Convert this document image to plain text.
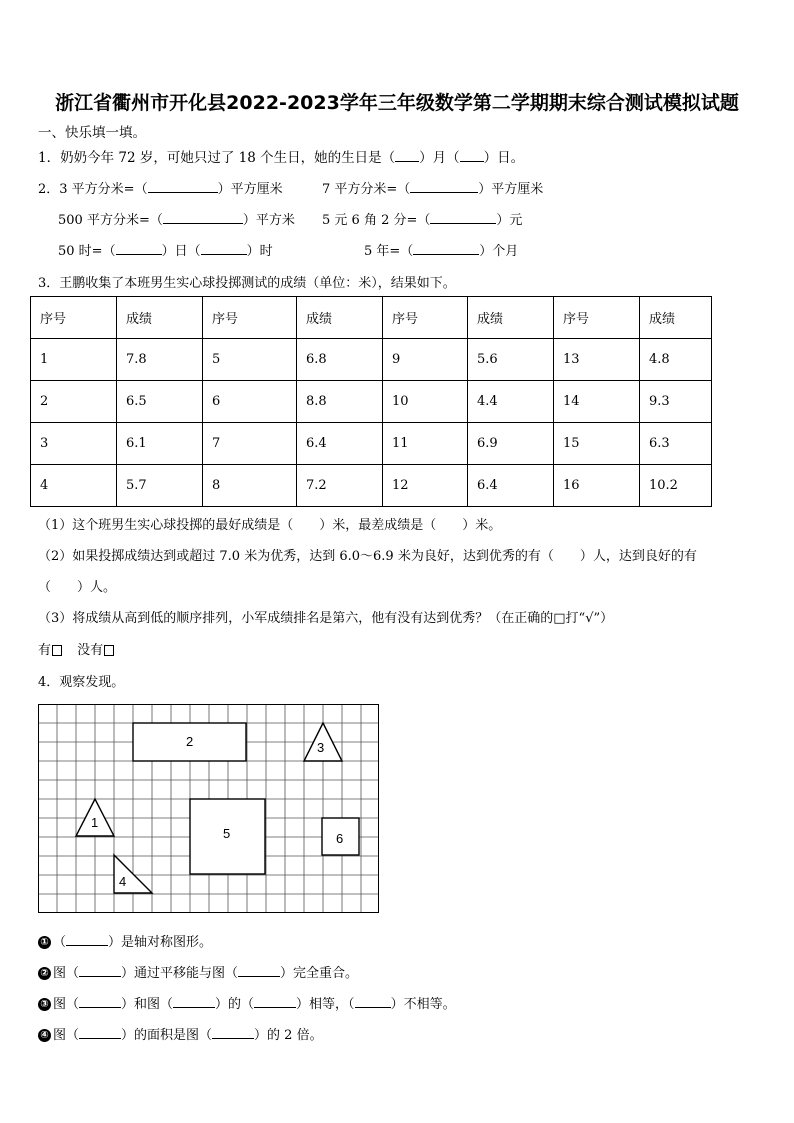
浙江省衢州市开化县2022-2023学年三年级数学第二学期期末综合测试模拟试题
一、快乐填一填。
1．奶奶今年 72 岁，可她只过了 18 个生日，她的生日是（ ）月（ ）日。
2．3 平方分米=（	）平方厘米	7 平方分米=（	）平方厘米
500 平方分米=（	）平方米 5 元 6 角 2 分=（	）元
50 时=（	）日（	）时	5 年=（	）个月
3．王鹏收集了本班男生实心球投掷测试的成绩（单位：米），结果如下。
序号	成绩	序号	成绩	序号	成绩	序号	成绩
1	7.8	5	6.8	9	5.6	13	4.8
2	6.5	6	8.8	10	4.4	14	9.3
3	6.1	7	6.4	11	6.9	15	6.3
4	5.7	8	7.2	12	6.4	16	10.2
（1）这个班男生实心球投掷的最好成绩是（　　）米，最差成绩是（　　）米。
（2）如果投掷成绩达到或超过 7.0 米为优秀，达到 6.0～6.9 米为良好，达到优秀的有（　　）人，达到良好的有
（　　）人。
（3）将成绩从高到低的顺序排列，小军成绩排名是第六，他有没有达到优秀？（在正确的□打“√”）
有 没有
4．观察发现。
1
2	3
4
5	6
① （	）是轴对称图形。
② 图（	）通过平移能与图（	）完全重合。
③ 图（	）和图（	）的（	）相等，（	）不相等。
④ 图（	）的面积是图（	）的 2 倍。
